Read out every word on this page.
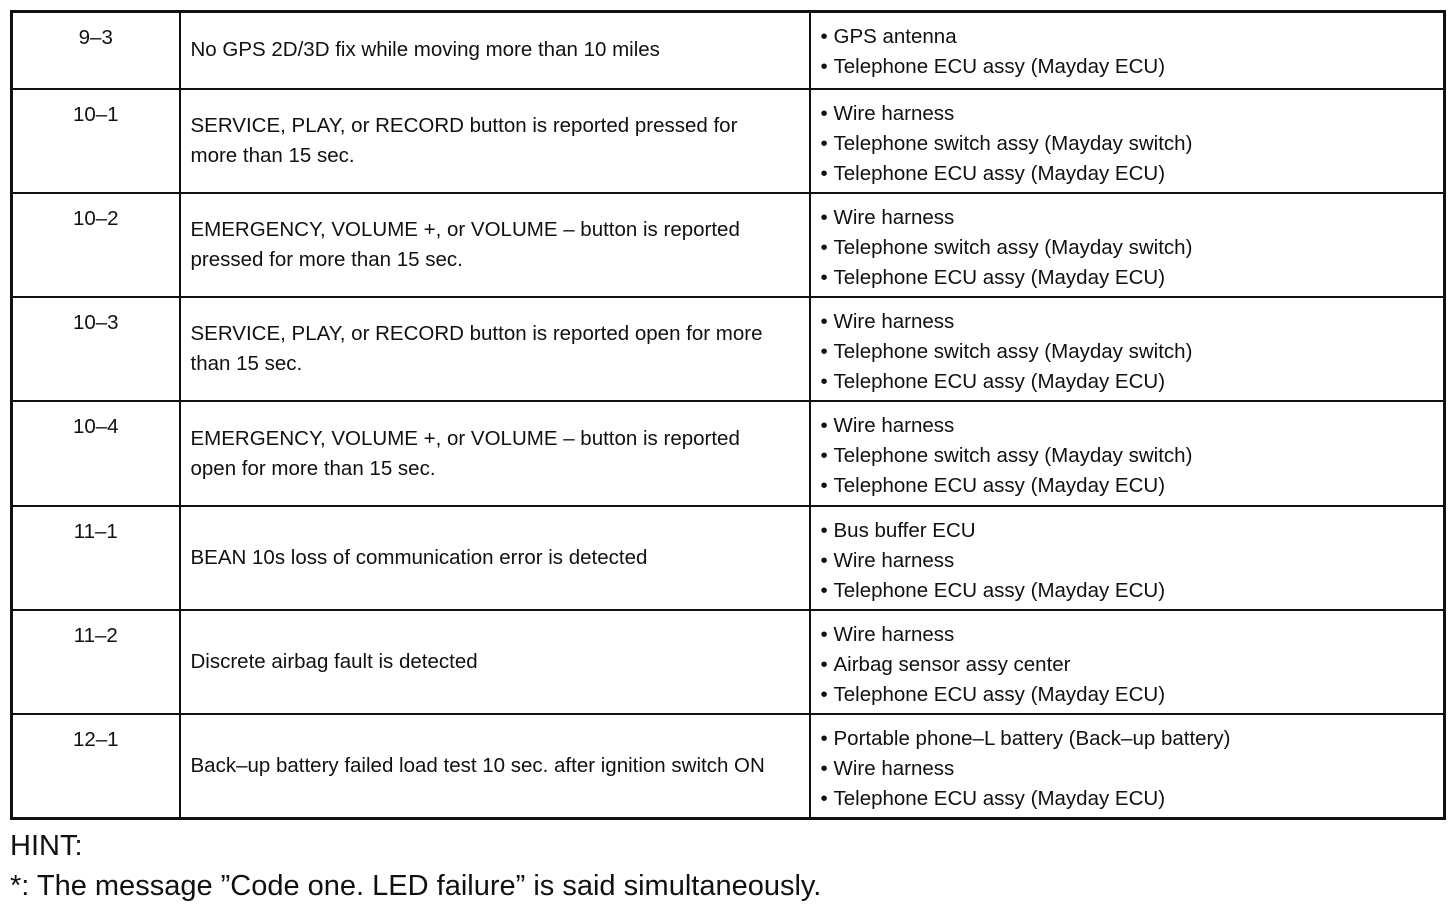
9–3	No GPS 2D/3D fix while moving more than 10 miles	• GPS antenna
• Telephone ECU assy (Mayday ECU)

10–1	SERVICE, PLAY, or RECORD button is reported pressed for more than 15 sec.	• Wire harness
• Telephone switch assy (Mayday switch)
• Telephone ECU assy (Mayday ECU)

10–2	EMERGENCY, VOLUME +, or VOLUME – button is reported pressed for more than 15 sec.	• Wire harness
• Telephone switch assy (Mayday switch)
• Telephone ECU assy (Mayday ECU)

10–3	SERVICE, PLAY, or RECORD button is reported open for more than 15 sec.	• Wire harness
• Telephone switch assy (Mayday switch)
• Telephone ECU assy (Mayday ECU)

10–4	EMERGENCY, VOLUME +, or VOLUME – button is reported open for more than 15 sec.	• Wire harness
• Telephone switch assy (Mayday switch)
• Telephone ECU assy (Mayday ECU)

11–1	BEAN 10s loss of communication error is detected	• Bus buffer ECU
• Wire harness
• Telephone ECU assy (Mayday ECU)

11–2	Discrete airbag fault is detected	• Wire harness
• Airbag sensor assy center
• Telephone ECU assy (Mayday ECU)

12–1	Back–up battery failed load test 10 sec. after ignition switch ON	• Portable phone–L battery (Back–up battery)
• Wire harness
• Telephone ECU assy (Mayday ECU)
HINT:
*: The message ”Code one. LED failure” is said simultaneously.
